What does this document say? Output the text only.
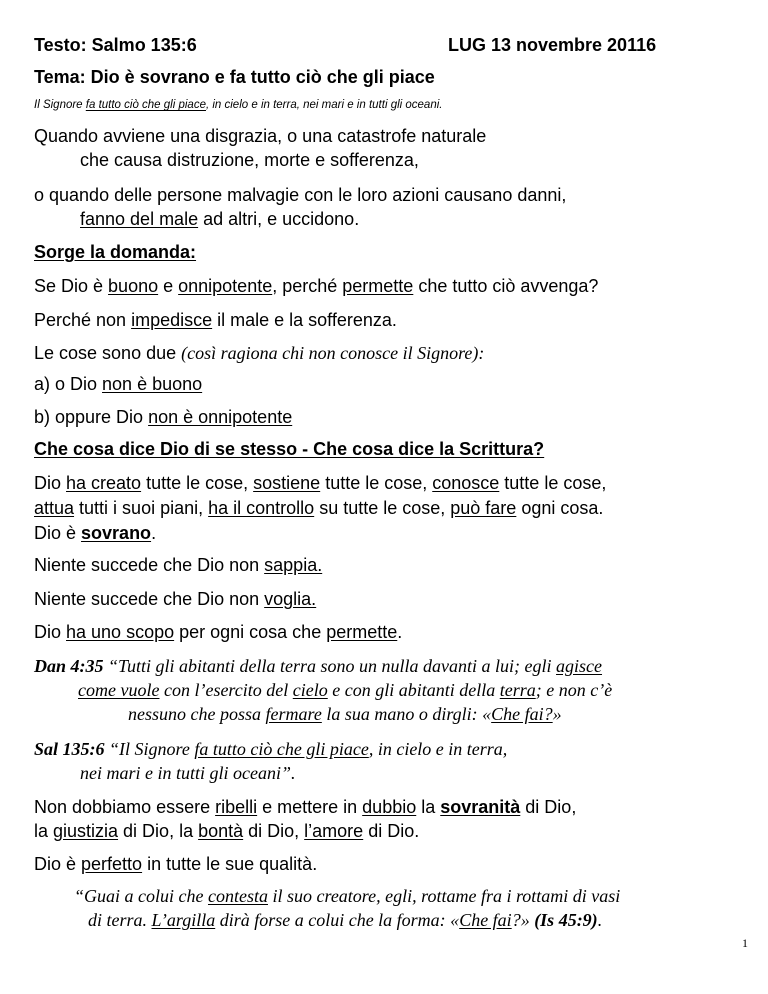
Testo: Salmo 135:6	LUG 13 novembre 20116
Tema: Dio è sovrano e fa tutto ciò che gli piace
Il Signore fa tutto ciò che gli piace, in cielo e in terra, nei mari e in tutti gli oceani.
Quando avviene una disgrazia, o una catastrofe naturale
che causa distruzione, morte e sofferenza,
o quando delle persone malvagie con le loro azioni causano danni,
fanno del male ad altri, e uccidono.
Sorge la domanda:
Se Dio è buono e onnipotente, perché permette che tutto ciò avvenga?
Perché non impedisce il male e la sofferenza.
Le cose sono due (così ragiona chi non conosce il Signore):
a) o Dio non è buono
b) oppure Dio non è onnipotente
Che cosa dice Dio di se stesso - Che cosa dice la Scrittura?
Dio ha creato tutte le cose, sostiene tutte le cose, conosce tutte le cose,
attua tutti i suoi piani, ha il controllo su tutte le cose, può fare ogni cosa.
Dio è sovrano.
Niente succede che Dio non sappia.
Niente succede che Dio non voglia.
Dio ha uno scopo per ogni cosa che permette.
Dan 4:35 “Tutti gli abitanti della terra sono un nulla davanti a lui; egli agisce
come vuole con l’esercito del cielo e con gli abitanti della terra; e non c’è
nessuno che possa fermare la sua mano o dirgli: «Che fai?»
Sal 135:6 “Il Signore fa tutto ciò che gli piace, in cielo e in terra,
nei mari e in tutti gli oceani”.
Non dobbiamo essere ribelli e mettere in dubbio la sovranità di Dio,
la giustizia di Dio, la bontà di Dio, l’amore di Dio.
Dio è perfetto in tutte le sue qualità.
“Guai a colui che contesta il suo creatore, egli, rottame fra i rottami di vasi
di terra. L’argilla dirà forse a colui che la forma: «Che fai?» (Is 45:9).
1
